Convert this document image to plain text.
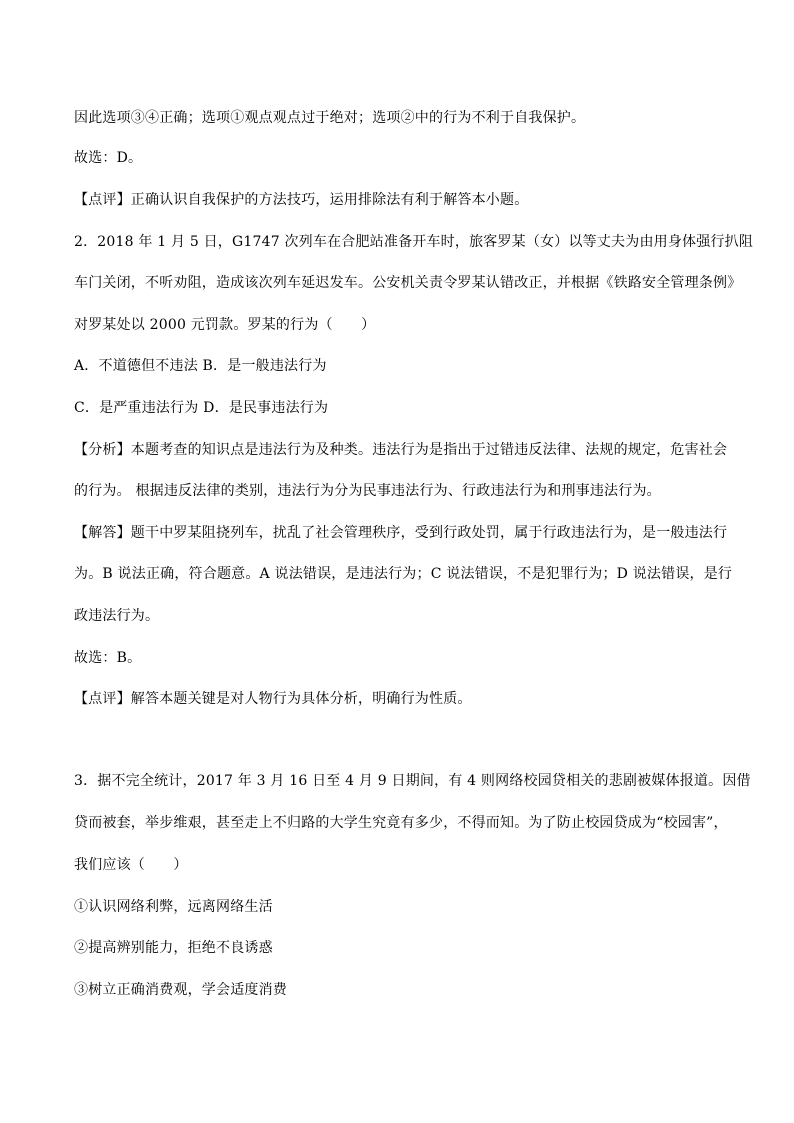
因此选项③④正确；选项①观点观点过于绝对；选项②中的行为不利于自我保护。
故选：D。
【点评】正确认识自我保护的方法技巧，运用排除法有利于解答本小题。
2．2018 年 1 月 5 日，G1747 次列车在合肥站准备开车时，旅客罗某（女）以等丈夫为由用身体强行扒阻
车门关闭，不听劝阻，造成该次列车延迟发车。公安机关责令罗某认错改正，并根据《铁路安全管理条例》
对罗某处以 2000 元罚款。罗某的行为（　　）
A．不道德但不违法 B．是一般违法行为
C．是严重违法行为 D．是民事违法行为
【分析】本题考查的知识点是违法行为及种类。违法行为是指出于过错违反法律、法规的规定，危害社会
的行为。 根据违反法律的类别，违法行为分为民事违法行为、行政违法行为和刑事违法行为。
【解答】题干中罗某阻挠列车，扰乱了社会管理秩序，受到行政处罚，属于行政违法行为，是一般违法行
为。B 说法正确，符合题意。A 说法错误，是违法行为；C 说法错误，不是犯罪行为；D 说法错误，是行
政违法行为。
故选：B。
【点评】解答本题关键是对人物行为具体分析，明确行为性质。
3．据不完全统计，2017 年 3 月 16 日至 4 月 9 日期间，有 4 则网络校园贷相关的悲剧被媒体报道。因借
贷而被套，举步维艰，甚至走上不归路的大学生究竟有多少，不得而知。为了防止校园贷成为“校园害”，
我们应该（　　）
①认识网络利弊，远离网络生活
②提高辨别能力，拒绝不良诱惑
③树立正确消费观，学会适度消费
